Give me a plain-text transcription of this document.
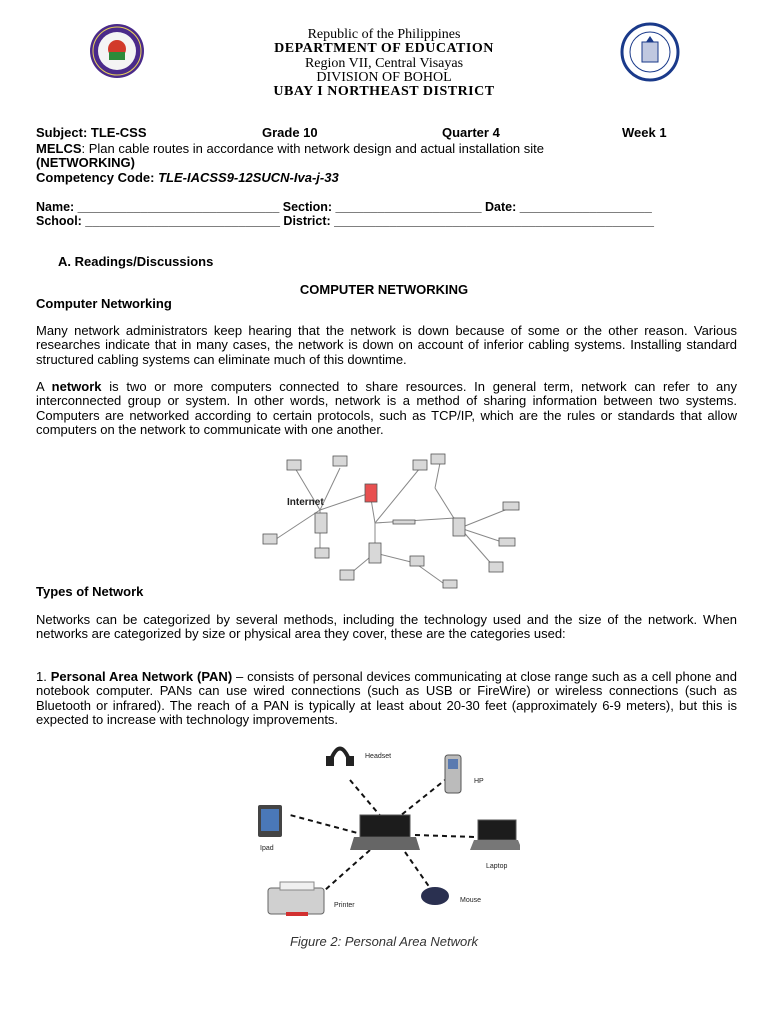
Republic of the Philippines
DEPARTMENT OF EDUCATION
Region VII, Central Visayas
DIVISION OF BOHOL
UBAY I NORTHEAST DISTRICT
Subject: TLE-CSS	Grade 10	Quarter 4	Week 1
MELCS: Plan cable routes in accordance with network design and actual installation site
(NETWORKING)
Competency Code: TLE-IACSS9-12SUCN-Iva-j-33
Name: _____________________________ Section: _____________________ Date: ___________________
School: ____________________________ District: ______________________________________________
A. Readings/Discussions
COMPUTER NETWORKING
Computer Networking
Many network administrators keep hearing that the network is down because of some or the other reason. Various researches indicate that in many cases, the network is down on account of inferior cabling systems. Installing standard structured cabling systems can eliminate much of this downtime.
A network is two or more computers connected to share resources. In general term, network can refer to any interconnected group or system. In other words, network is a method of sharing information between two systems. Computers are networked according to certain protocols, such as TCP/IP, which are the rules or standards that allow computers on the network to communicate with one another.
Internet
Types of Network
Networks can be categorized by several methods, including the technology used and the size of the network. When networks are categorized by size or physical area they cover, these are the categories used:
1. Personal Area Network (PAN) – consists of personal devices communicating at close range such as a cell phone and notebook computer. PANs can use wired connections (such as USB or FireWire) or wireless connections (such as Bluetooth or infrared). The reach of a PAN is typically at least about 20-30 feet (approximately 6-9 meters), but this is expected to increase with technology improvements.
Headset
HP
Ipad
Laptop
Printer
Mouse
Figure 2: Personal Area Network
